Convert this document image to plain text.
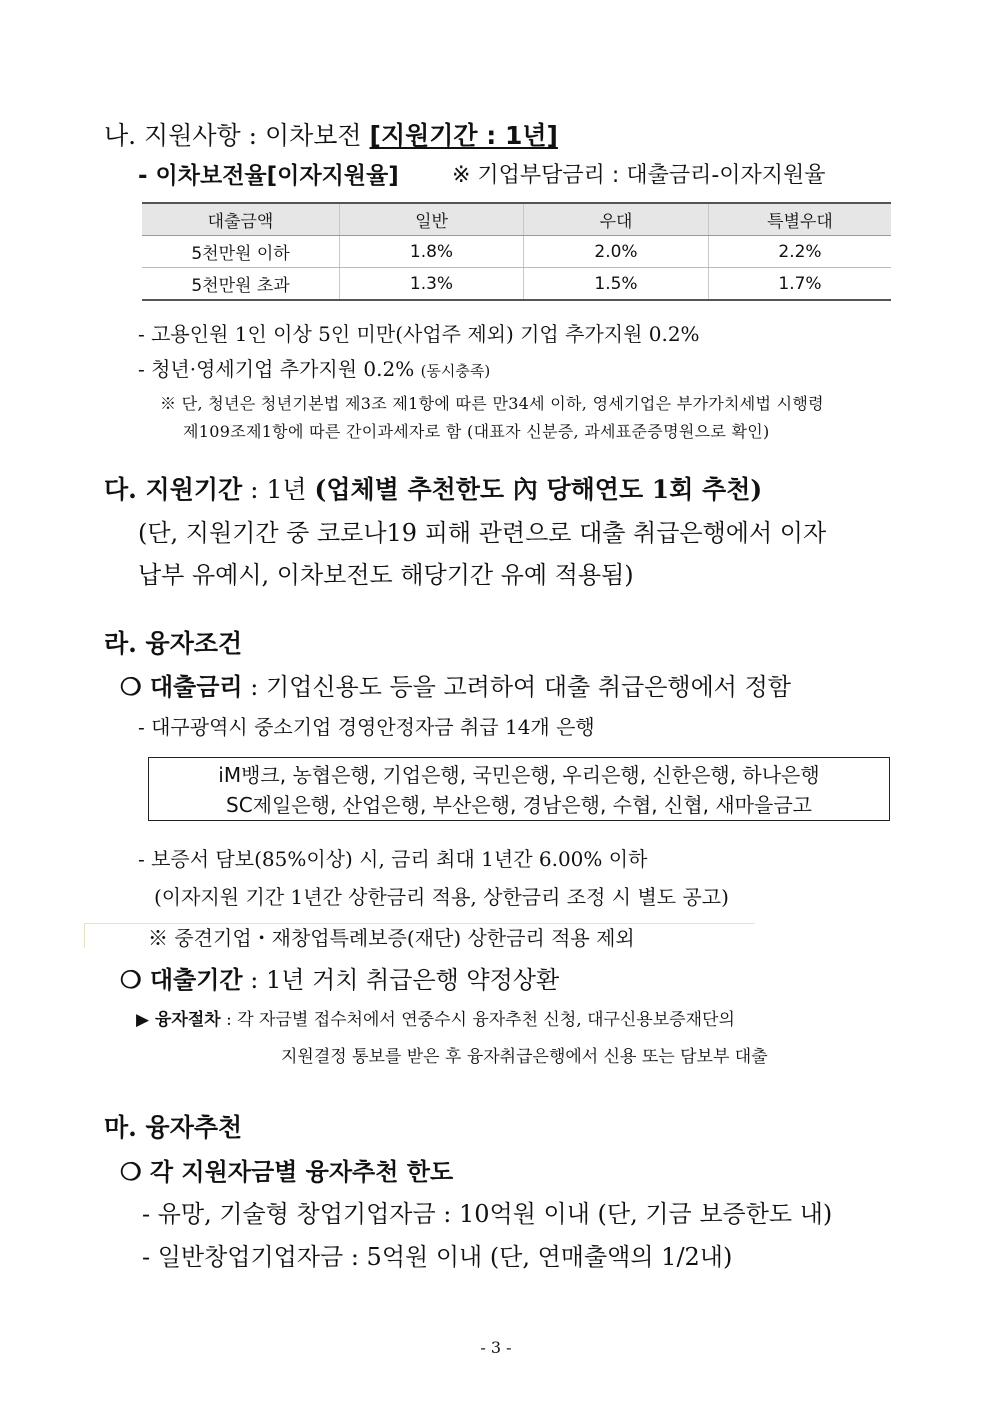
나. 지원사항 : 이차보전 [지원기간 : 1년]
- 이차보전율[이자지원율] ※ 기업부담금리 : 대출금리-이자지원율
대출금액	일반	우대	특별우대
5천만원 이하	1.8%	2.0%	2.2%
5천만원 초과	1.3%	1.5%	1.7%
- 고용인원 1인 이상 5인 미만(사업주 제외) 기업 추가지원 0.2%
- 청년·영세기업 추가지원 0.2% (동시충족)
※ 단, 청년은 청년기본법 제3조 제1항에 따른 만34세 이하, 영세기업은 부가가치세법 시행령
제109조제1항에 따른 간이과세자로 함 (대표자 신분증, 과세표준증명원으로 확인)
다. 지원기간 : 1년 (업체별 추천한도 內 당해연도 1회 추천)
(단, 지원기간 중 코로나19 피해 관련으로 대출 취급은행에서 이자
납부 유예시, 이차보전도 해당기간 유예 적용됨)
라. 융자조건
❍ 대출금리 : 기업신용도 등을 고려하여 대출 취급은행에서 정함
- 대구광역시 중소기업 경영안정자금 취급 14개 은행
iM뱅크, 농협은행, 기업은행, 국민은행, 우리은행, 신한은행, 하나은행
SC제일은행, 산업은행, 부산은행, 경남은행, 수협, 신협, 새마을금고
- 보증서 담보(85%이상) 시, 금리 최대 1년간 6.00% 이하
(이자지원 기간 1년간 상한금리 적용, 상한금리 조정 시 별도 공고)
※ 중견기업・재창업특례보증(재단) 상한금리 적용 제외
❍ 대출기간 : 1년 거치 취급은행 약정상환
▶ 융자절차 : 각 자금별 접수처에서 연중수시 융자추천 신청, 대구신용보증재단의
지원결정 통보를 받은 후 융자취급은행에서 신용 또는 담보부 대출
마. 융자추천
❍ 각 지원자금별 융자추천 한도
- 유망, 기술형 창업기업자금 : 10억원 이내 (단, 기금 보증한도 내)
- 일반창업기업자금 : 5억원 이내 (단, 연매출액의 1/2내)
- 3 -
